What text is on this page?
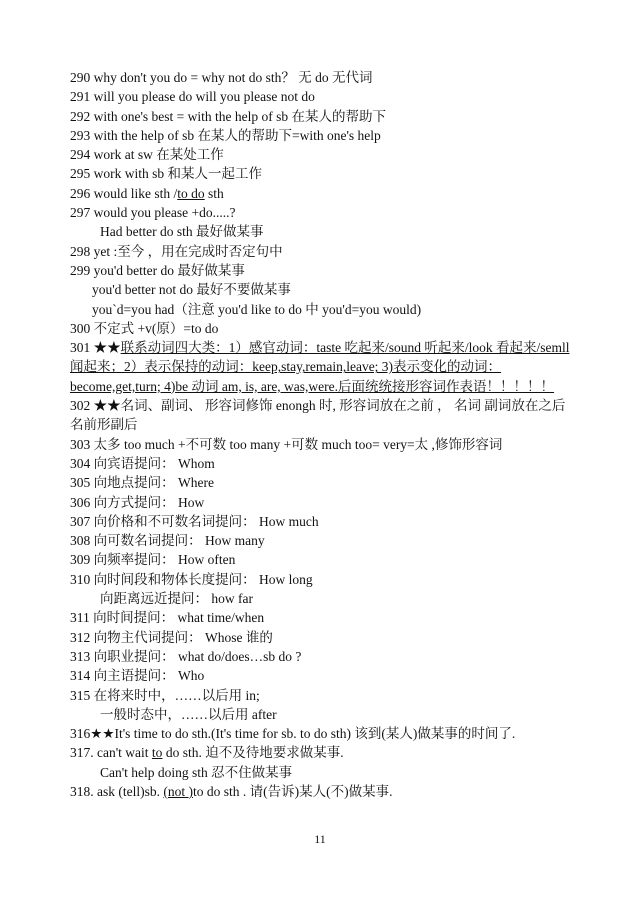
290 why don't you do = why not do sth？ 无 do 无代词
291 will you please do will you please not do
292 with one's best = with the help of sb 在某人的帮助下
293 with the help of sb 在某人的帮助下=with one's help
294 work at sw 在某处工作
295 work with sb 和某人一起工作
296 would like sth /to do sth
297 would you please +do.....?
Had better do sth 最好做某事
298 yet :至今 ，用在完成时否定句中
299 you'd better do 最好做某事
you'd better not do 最好不要做某事
you`d=you had（注意 you'd like to do 中 you'd=you would)
300 不定式 +v(原）=to do
301 ★★联系动词四大类：1）感官动词：taste 吃起来/sound 听起来/look 看起来/semll 闻起来；2）表示保持的动词：keep,stay,remain,leave; 3)表示变化的动词：become,get,turn; 4)be 动词 am, is, are, was,were.后面统统接形容词作表语！！！！！
302 ★★名词、副词、 形容词修饰 enongh 时, 形容词放在之前 ， 名词 副词放在之后 名前形副后
303 太多 too much +不可数 too many +可数 much too= very=太 ,修饰形容词
304 向宾语提问： Whom
305 向地点提问： Where
306 向方式提问： How
307 向价格和不可数名词提问： How much
308 向可数名词提问： How many
309 向频率提问： How often
310 向时间段和物体长度提问： How long
向距离远近提问： how far
311 向时间提问： what time/when
312 向物主代词提问： Whose 谁的
313 向职业提问： what do/does…sb do ?
314 向主语提问： Who
315 在将来时中，……以后用 in;
一般时态中，……以后用 after
316★★It's time to do sth.(It's time for sb. to do sth) 该到(某人)做某事的时间了.
317. can't wait to do sth. 迫不及待地要求做某事.
Can't help doing sth 忍不住做某事
318. ask (tell)sb. (not )to do sth . 请(告诉)某人(不)做某事.
11
